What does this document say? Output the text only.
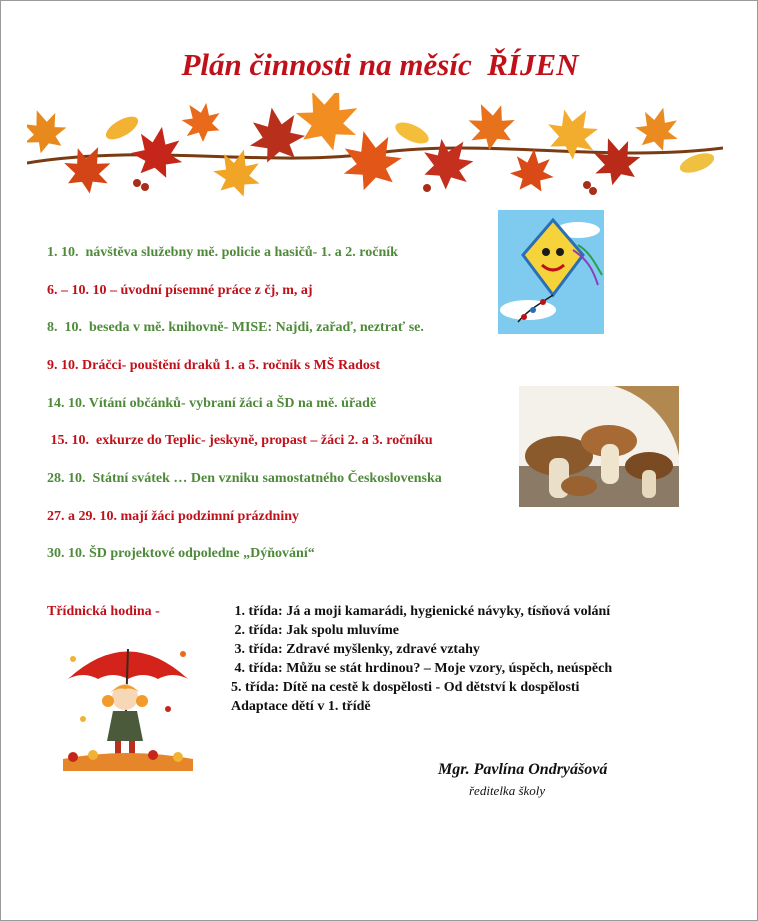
Plán činnosti na měsíc  ŘÍJEN
1. 10.  návštěva služebny mě. policie a hasičů- 1. a 2. ročník
6. – 10. 10 – úvodní písemné práce z čj, m, aj
8.  10.  beseda v mě. knihovně- MISE: Najdi, zařaď, neztrať se.
9. 10. Dráčci- pouštění draků 1. a 5. ročník s MŠ Radost
14. 10. Vítání občánků- vybraní žáci a ŠD na mě. úřadě
15. 10.  exkurze do Teplic- jeskyně, propast – žáci 2. a 3. ročníku
28. 10.  Státní svátek … Den vzniku samostatného Československa
27. a 29. 10. mají žáci podzimní prázdniny
30. 10. ŠD projektové odpoledne „Dýňování“
Třídnická hodina -	1. třída: Já a moji kamarádi, hygienické návyky, tísňová volání
2. třída: Jak spolu mluvíme
3. třída: Zdravé myšlenky, zdravé vztahy
4. třída: Můžu se stát hrdinou? – Moje vzory, úspěch, neúspěch
5. třída: Dítě na cestě k dospělosti - Od dětství k dospělosti
Adaptace dětí v 1. třídě
Mgr. Pavlína Ondryášová
ředitelka školy
